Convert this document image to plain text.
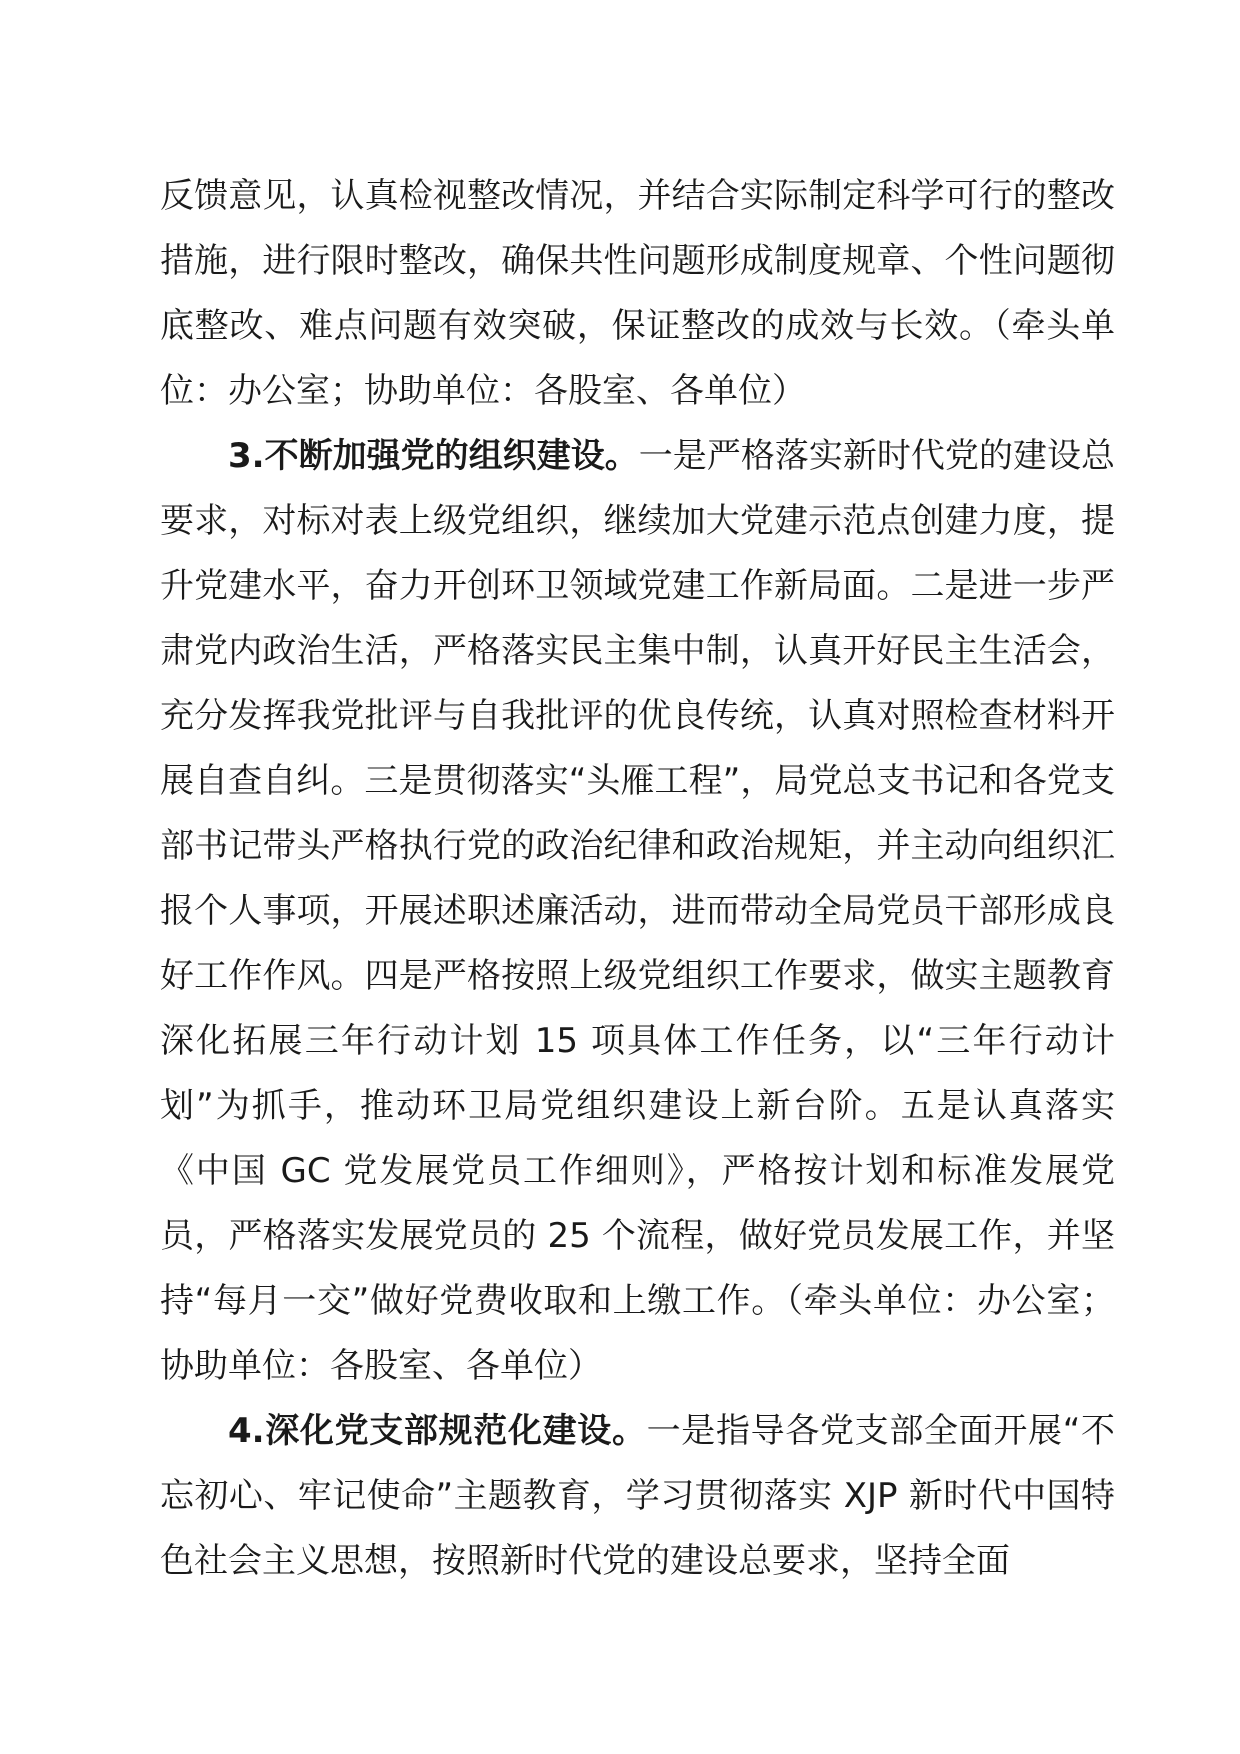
反馈意见，认真检视整改情况，并结合实际制定科学可行的整改措施，进行限时整改，确保共性问题形成制度规章、个性问题彻底整改、难点问题有效突破，保证整改的成效与长效。（牵头单位：办公室；协助单位：各股室、各单位）

3.不断加强党的组织建设。一是严格落实新时代党的建设总要求，对标对表上级党组织，继续加大党建示范点创建力度，提升党建水平，奋力开创环卫领域党建工作新局面。二是进一步严肃党内政治生活，严格落实民主集中制，认真开好民主生活会，充分发挥我党批评与自我批评的优良传统，认真对照检查材料开展自查自纠。三是贯彻落实“头雁工程”，局党总支书记和各党支部书记带头严格执行党的政治纪律和政治规矩，并主动向组织汇报个人事项，开展述职述廉活动，进而带动全局党员干部形成良好工作作风。四是严格按照上级党组织工作要求，做实主题教育深化拓展三年行动计划 15 项具体工作任务，以“三年行动计划”为抓手，推动环卫局党组织建设上新台阶。五是认真落实《中国 GC 党发展党员工作细则》，严格按计划和标准发展党员，严格落实发展党员的 25 个流程，做好党员发展工作，并坚持“每月一交”做好党费收取和上缴工作。（牵头单位：办公室；协助单位：各股室、各单位）

4.深化党支部规范化建设。一是指导各党支部全面开展“不忘初心、牢记使命”主题教育，学习贯彻落实 XJP 新时代中国特色社会主义思想，按照新时代党的建设总要求，坚持全面
